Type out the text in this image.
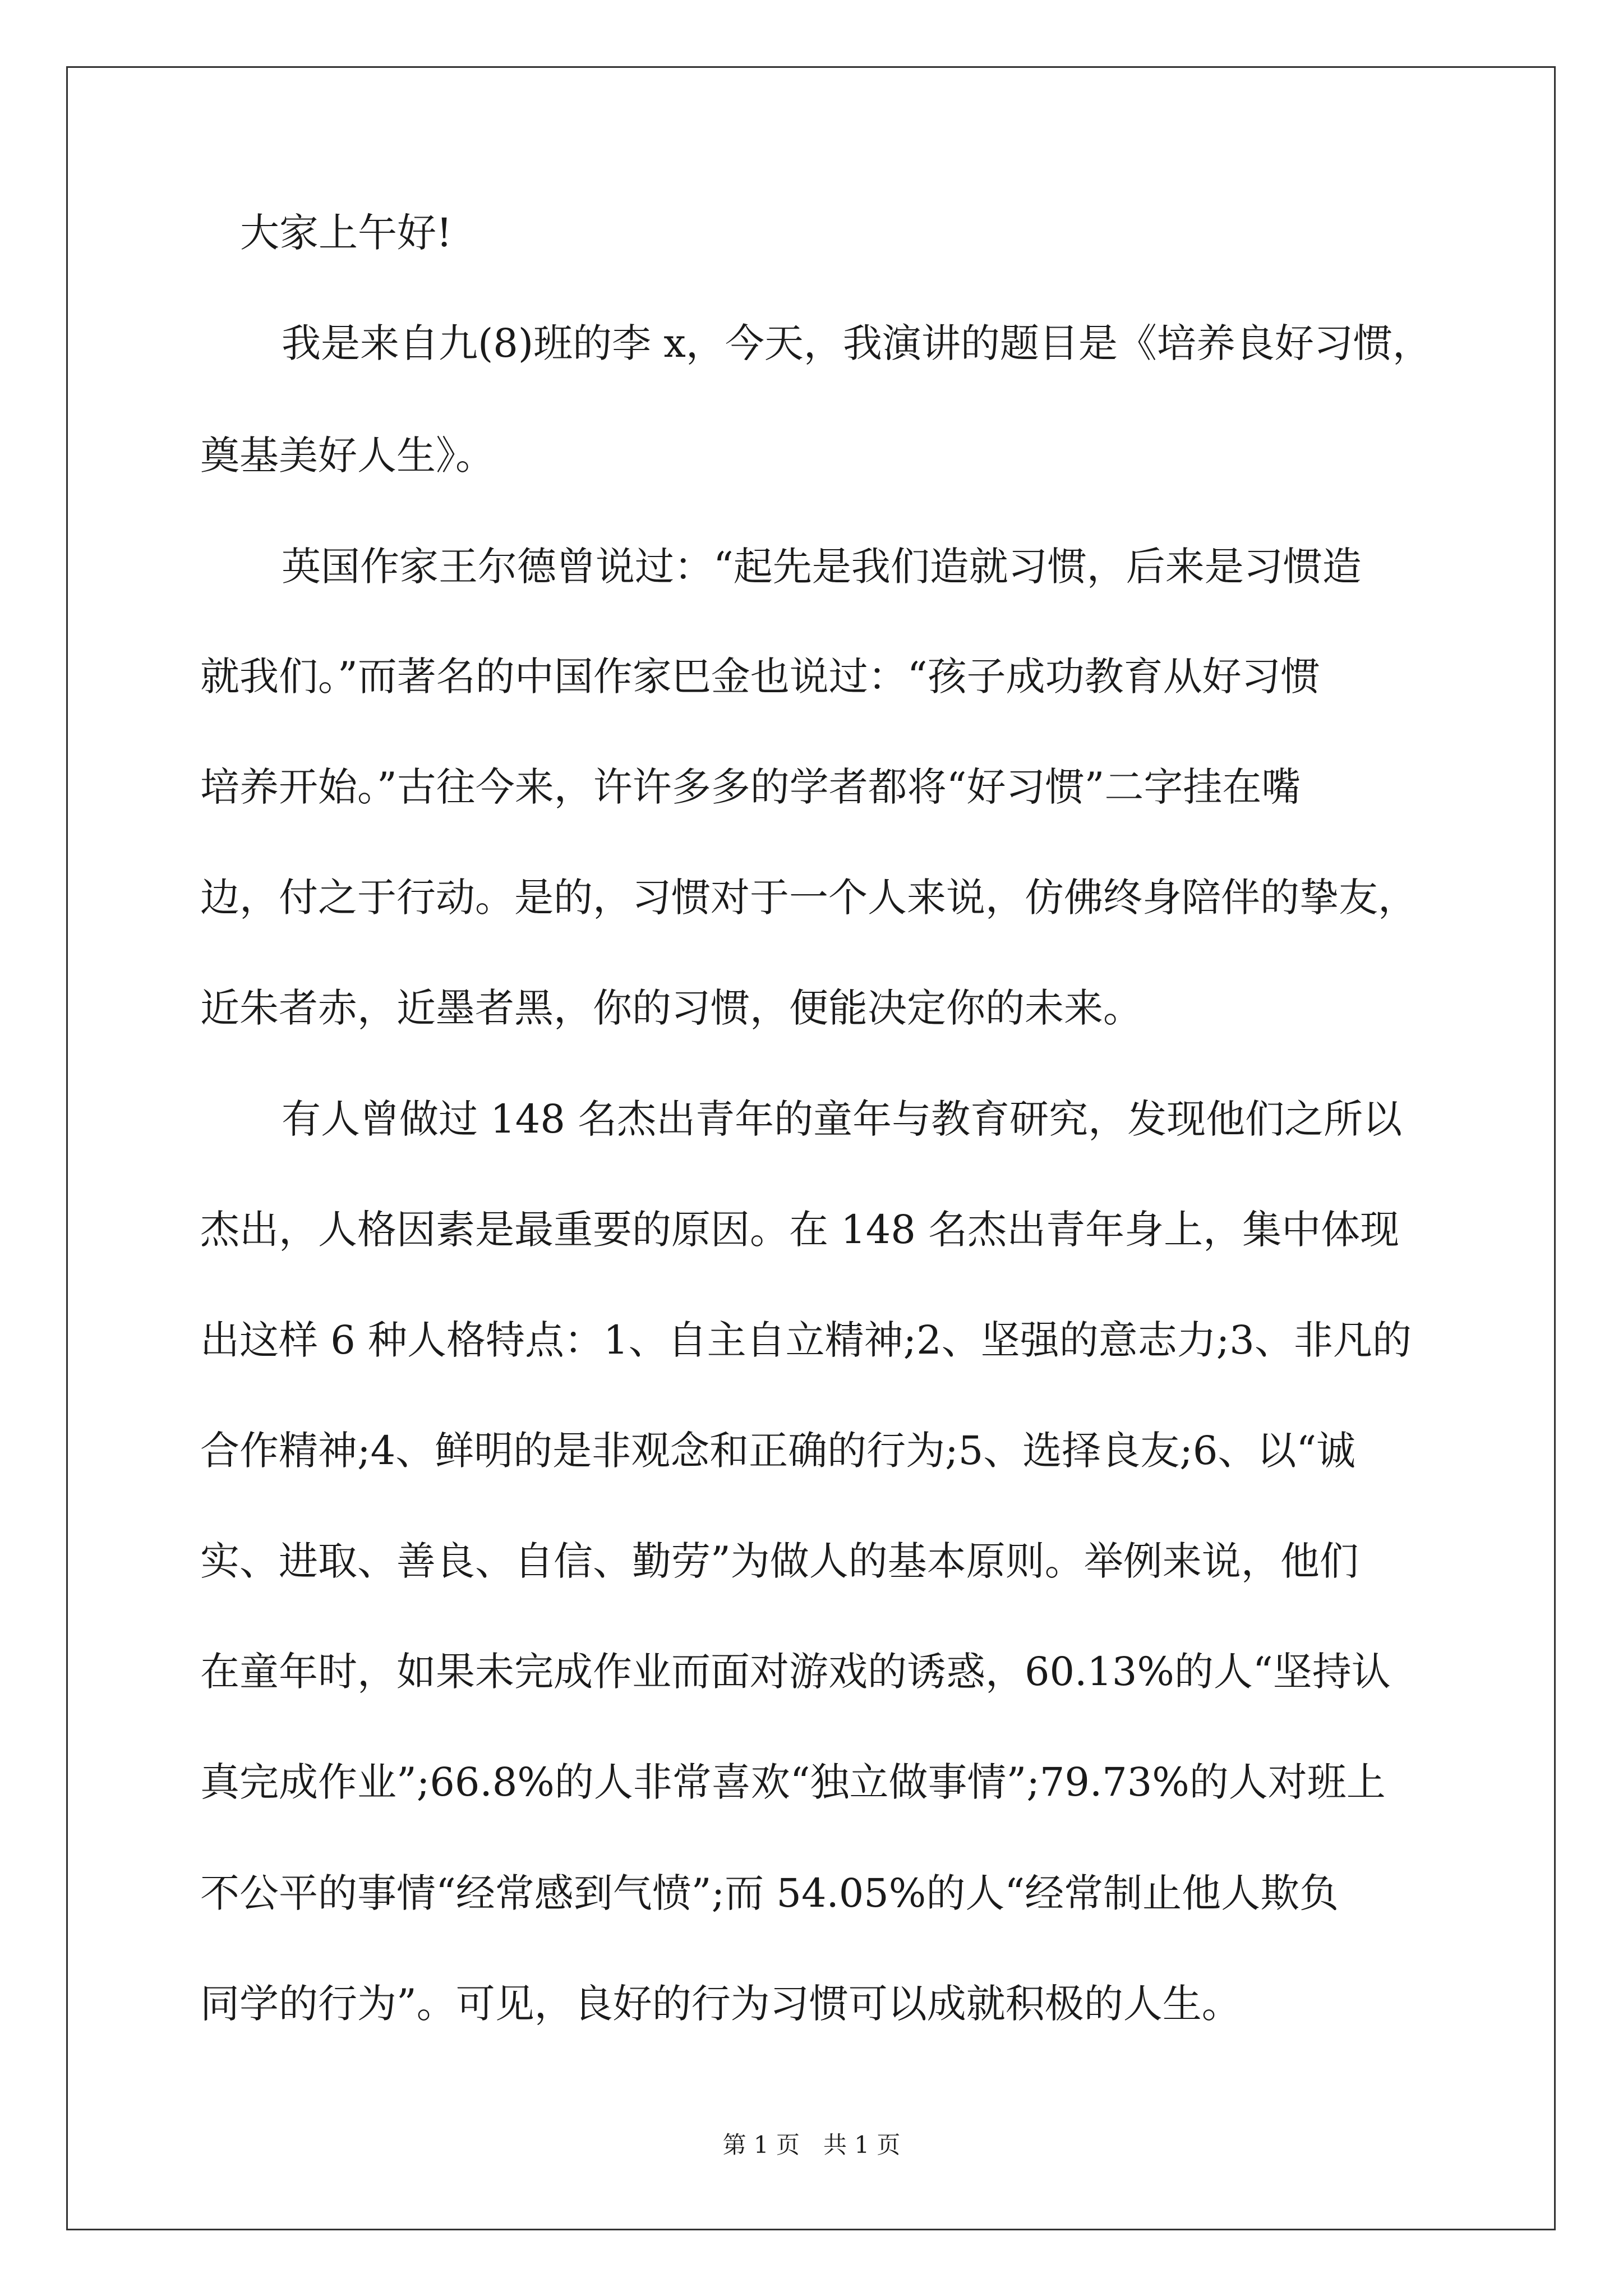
大家上午好!
我是来自九(8)班的李 x，今天，我演讲的题目是《培养良好习惯，
奠基美好人生》。
英国作家王尔德曾说过：“起先是我们造就习惯，后来是习惯造
就我们。”而著名的中国作家巴金也说过：“孩子成功教育从好习惯
培养开始。”古往今来，许许多多的学者都将“好习惯”二字挂在嘴
边，付之于行动。是的，习惯对于一个人来说，仿佛终身陪伴的挚友，
近朱者赤，近墨者黑，你的习惯，便能决定你的未来。
有人曾做过 148 名杰出青年的童年与教育研究，发现他们之所以
杰出，人格因素是最重要的原因。在 148 名杰出青年身上，集中体现
出这样 6 种人格特点：1、自主自立精神;2、坚强的意志力;3、非凡的
合作精神;4、鲜明的是非观念和正确的行为;5、选择良友;6、以“诚
实、进取、善良、自信、勤劳”为做人的基本原则。举例来说，他们
在童年时，如果未完成作业而面对游戏的诱惑，60.13%的人“坚持认
真完成作业”;66.8%的人非常喜欢“独立做事情”;79.73%的人对班上
不公平的事情“经常感到气愤”;而 54.05%的人“经常制止他人欺负
同学的行为”。可见，良好的行为习惯可以成就积极的人生。
第 1 页　共 1 页
